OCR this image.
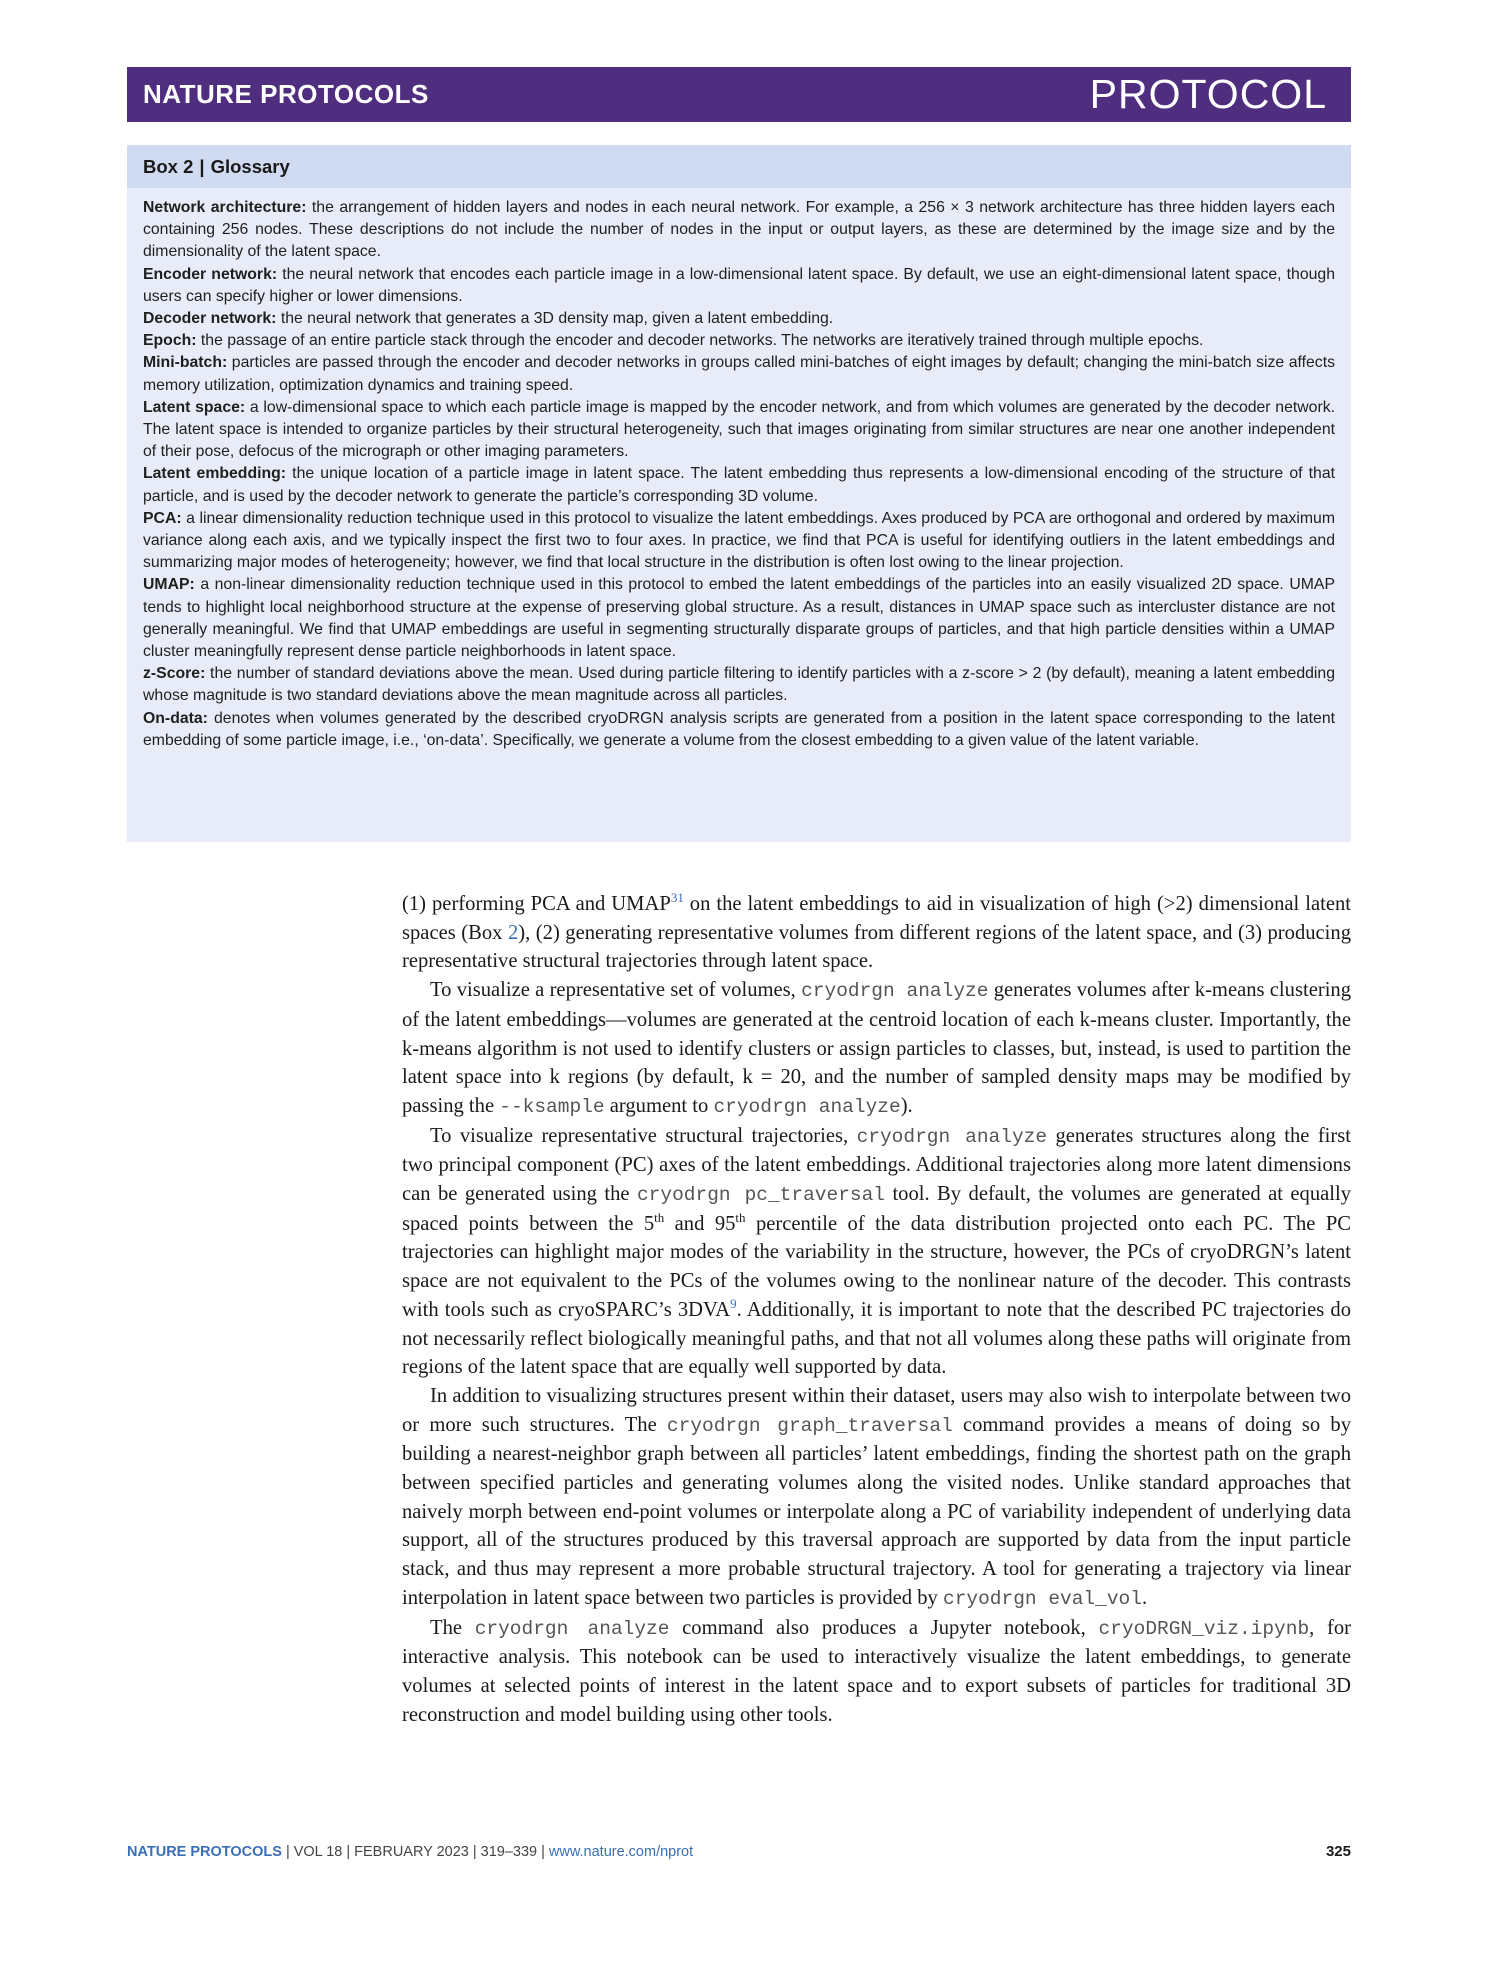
NATURE PROTOCOLS	PROTOCOL
Box 2 | Glossary

Network architecture: the arrangement of hidden layers and nodes in each neural network. For example, a 256 × 3 network architecture has three hidden layers each containing 256 nodes. These descriptions do not include the number of nodes in the input or output layers, as these are determined by the image size and by the dimensionality of the latent space.

Encoder network: the neural network that encodes each particle image in a low-dimensional latent space. By default, we use an eight-dimensional latent space, though users can specify higher or lower dimensions.

Decoder network: the neural network that generates a 3D density map, given a latent embedding.

Epoch: the passage of an entire particle stack through the encoder and decoder networks. The networks are iteratively trained through multiple epochs.

Mini-batch: particles are passed through the encoder and decoder networks in groups called mini-batches of eight images by default; changing the mini-batch size affects memory utilization, optimization dynamics and training speed.

Latent space: a low-dimensional space to which each particle image is mapped by the encoder network, and from which volumes are generated by the decoder network. The latent space is intended to organize particles by their structural heterogeneity, such that images originating from similar structures are near one another independent of their pose, defocus of the micrograph or other imaging parameters.

Latent embedding: the unique location of a particle image in latent space. The latent embedding thus represents a low-dimensional encoding of the structure of that particle, and is used by the decoder network to generate the particle’s corresponding 3D volume.

PCA: a linear dimensionality reduction technique used in this protocol to visualize the latent embeddings. Axes produced by PCA are orthogonal and ordered by maximum variance along each axis, and we typically inspect the first two to four axes. In practice, we find that PCA is useful for identifying outliers in the latent embeddings and summarizing major modes of heterogeneity; however, we find that local structure in the distribution is often lost owing to the linear projection.

UMAP: a non-linear dimensionality reduction technique used in this protocol to embed the latent embeddings of the particles into an easily visualized 2D space. UMAP tends to highlight local neighborhood structure at the expense of preserving global structure. As a result, distances in UMAP space such as intercluster distance are not generally meaningful. We find that UMAP embeddings are useful in segmenting structurally disparate groups of particles, and that high particle densities within a UMAP cluster meaningfully represent dense particle neighborhoods in latent space.

z-Score: the number of standard deviations above the mean. Used during particle filtering to identify particles with a z-score > 2 (by default), meaning a latent embedding whose magnitude is two standard deviations above the mean magnitude across all particles.

On-data: denotes when volumes generated by the described cryoDRGN analysis scripts are generated from a position in the latent space corresponding to the latent embedding of some particle image, i.e., ‘on-data’. Specifically, we generate a volume from the closest embedding to a given value of the latent variable.

(1) performing PCA and UMAP$^{31}$ on the latent embeddings to aid in visualization of high (>2) dimensional latent spaces (Box 2), (2) generating representative volumes from different regions of the latent space, and (3) producing representative structural trajectories through latent space.

To visualize a representative set of volumes, cryodrgn analyze generates volumes after k-means clustering of the latent embeddings—volumes are generated at the centroid location of each k-means cluster. Importantly, the k-means algorithm is not used to identify clusters or assign particles to classes, but, instead, is used to partition the latent space into k regions (by default, k = 20, and the number of sampled density maps may be modified by passing the --ksample argument to cryodrgn analyze).

To visualize representative structural trajectories, cryodrgn analyze generates structures along the first two principal component (PC) axes of the latent embeddings. Additional trajectories along more latent dimensions can be generated using the cryodrgn pc_traversal tool. By default, the volumes are generated at equally spaced points between the 5th and 95th percentile of the data distribution projected onto each PC. The PC trajectories can highlight major modes of the variability in the structure, however, the PCs of cryoDRGN’s latent space are not equivalent to the PCs of the volumes owing to the nonlinear nature of the decoder. This contrasts with tools such as cryoSPARC’s 3DVA$^9$. Additionally, it is important to note that the described PC trajectories do not necessarily reflect biologically meaningful paths, and that not all volumes along these paths will originate from regions of the latent space that are equally well supported by data.

In addition to visualizing structures present within their dataset, users may also wish to interpolate between two or more such structures. The cryodrgn graph_traversal command provides a means of doing so by building a nearest-neighbor graph between all particles’ latent embeddings, finding the shortest path on the graph between specified particles and generating volumes along the visited nodes. Unlike standard approaches that naively morph between end-point volumes or interpolate along a PC of variability independent of underlying data support, all of the structures produced by this traversal approach are supported by data from the input particle stack, and thus may represent a more probable structural trajectory. A tool for generating a trajectory via linear interpolation in latent space between two particles is provided by cryodrgn eval_vol.

The cryodrgn analyze command also produces a Jupyter notebook, cryoDRGN_viz.ipynb, for interactive analysis. This notebook can be used to interactively visualize the latent embeddings, to generate volumes at selected points of interest in the latent space and to export subsets of particles for traditional 3D reconstruction and model building using other tools.

NATURE PROTOCOLS | VOL 18 | FEBRUARY 2023 | 319–339 | www.nature.com/nprot	325
